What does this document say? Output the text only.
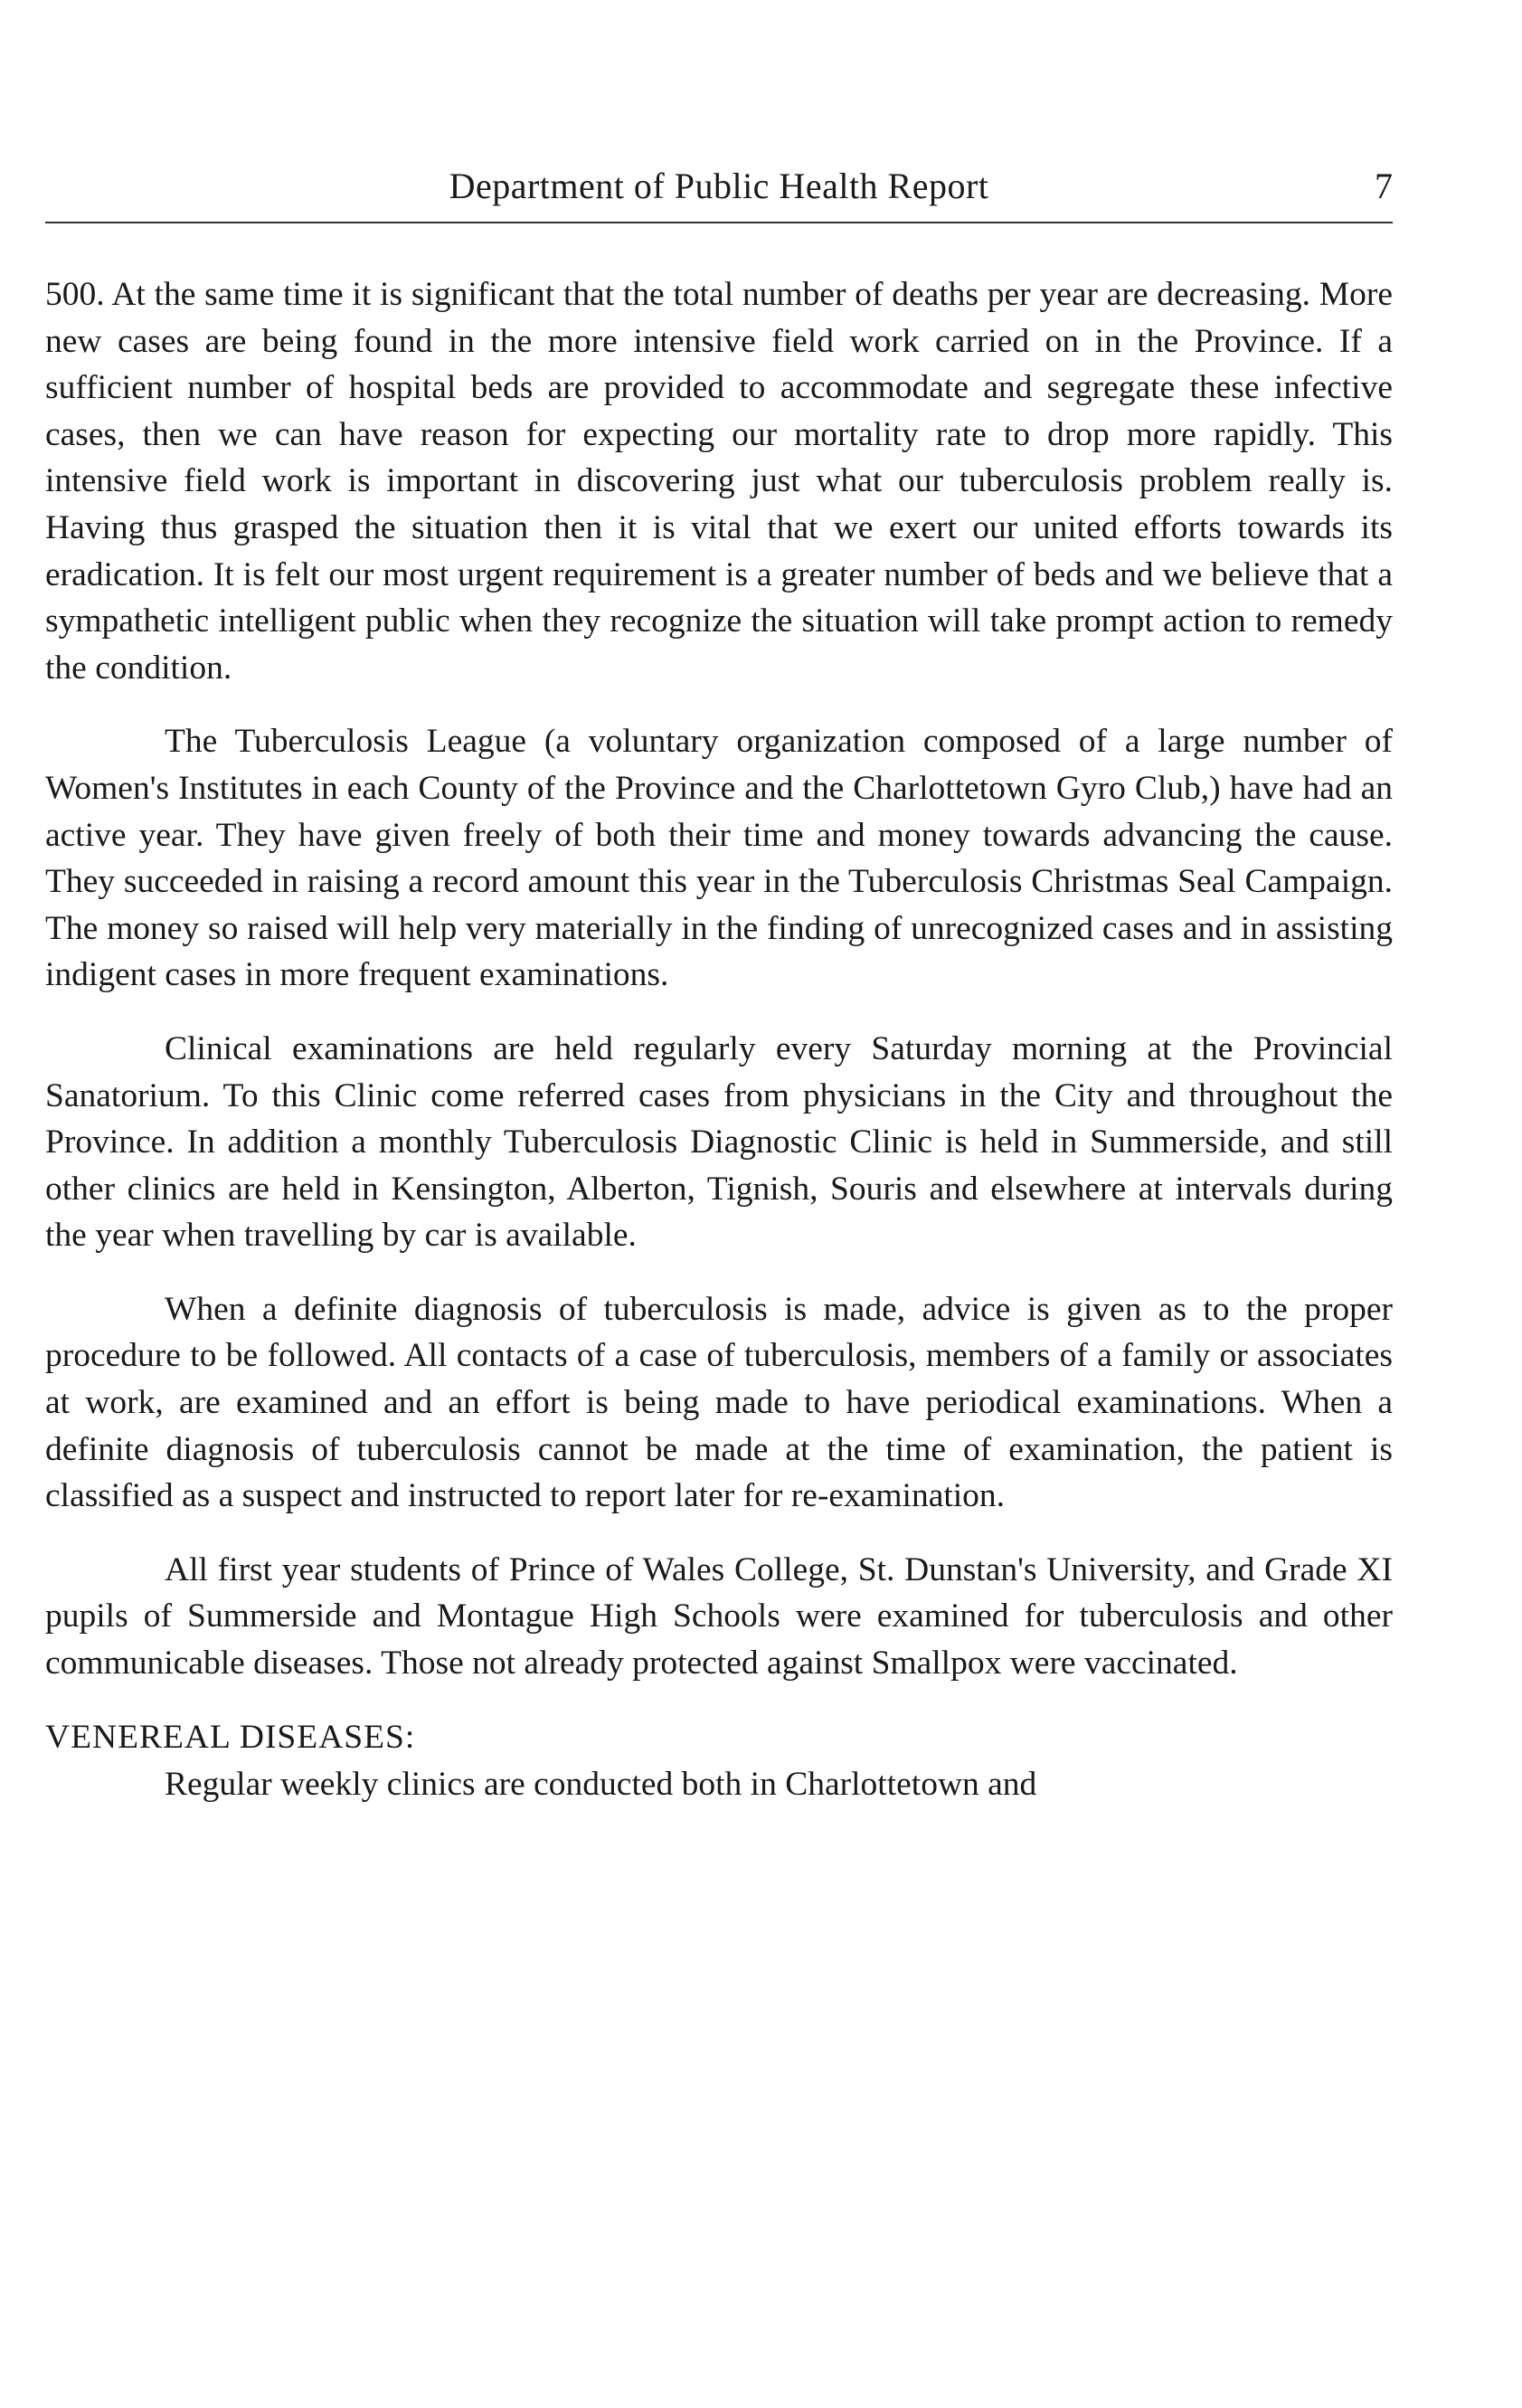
Department of Public Health Report	7

500. At the same time it is significant that the total number of deaths per year are decreasing. More new cases are being found in the more intensive field work carried on in the Province. If a sufficient number of hospital beds are provided to accommodate and segregate these infective cases, then we can have reason for expecting our mortality rate to drop more rapidly. This intensive field work is important in discovering just what our tuberculosis problem really is. Having thus grasped the situation then it is vital that we exert our united efforts towards its eradication. It is felt our most urgent requirement is a greater number of beds and we believe that a sympathetic intelligent public when they recognize the situation will take prompt action to remedy the condition.

The Tuberculosis League (a voluntary organization composed of a large number of Women's Institutes in each County of the Province and the Charlottetown Gyro Club,) have had an active year. They have given freely of both their time and money towards advancing the cause. They succeeded in raising a record amount this year in the Tuberculosis Christmas Seal Campaign. The money so raised will help very materially in the finding of unrecognized cases and in assisting indigent cases in more frequent examinations.

Clinical examinations are held regularly every Saturday morning at the Provincial Sanatorium. To this Clinic come referred cases from physicians in the City and throughout the Province. In addition a monthly Tuberculosis Diagnostic Clinic is held in Summerside, and still other clinics are held in Kensington, Alberton, Tignish, Souris and elsewhere at intervals during the year when travelling by car is available.

When a definite diagnosis of tuberculosis is made, advice is given as to the proper procedure to be followed. All contacts of a case of tuberculosis, members of a family or associates at work, are examined and an effort is being made to have periodical examinations. When a definite diagnosis of tuberculosis cannot be made at the time of examination, the patient is classified as a suspect and instructed to report later for re-examination.

All first year students of Prince of Wales College, St. Dunstan's University, and Grade XI pupils of Summerside and Montague High Schools were examined for tuberculosis and other communicable diseases. Those not already protected against Smallpox were vaccinated.

VENEREAL DISEASES:

Regular weekly clinics are conducted both in Charlottetown and
